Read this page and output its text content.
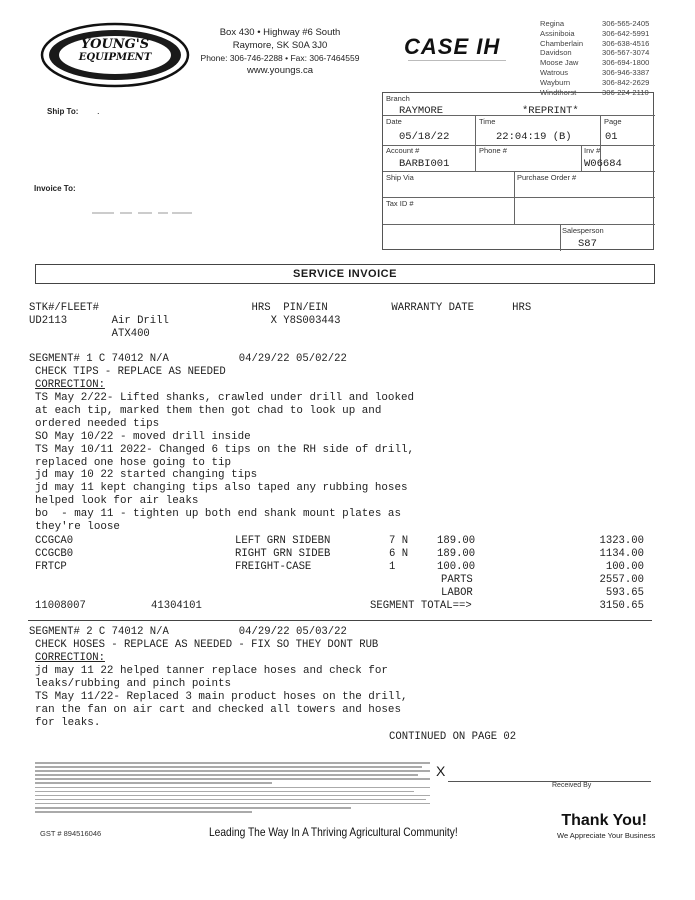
YOUNG'S
EQUIPMENT
Box 430 • Highway #6 South
Raymore, SK S0A 3J0
Phone: 306-746-2288 • Fax: 306-7464559
www.youngs.ca
CASE IH
Regina	306-565-2405
Assiniboia	306-642-5991
Chamberlain 306-638-4516
Davidson	306-567-3074
Moose Jaw	306-694-1800
Watrous	306-946-3387
Wayburn	306-842-2629
Windthorst	306-224-2110
Ship To: .
Invoice To:
Branch
RAYMORE	*REPRINT*
Date
05/18/22
Time
22:04:19 (B)
Page
01
Account #
BARBI001
Phone #	Inv #
W06684
Ship Via	Purchase Order #
Tax ID #
Salesperson
S87
SERVICE INVOICE
STK#/FLEET#                        HRS  PIN/EIN          WARRANTY DATE      HRS
UD2113       Air Drill                X Y8S003443
ATX400
SEGMENT# 1 C 74012 N/A           04/29/22 05/02/22
CHECK TIPS - REPLACE AS NEEDED
CORRECTION:
TS May 2/22- Lifted shanks, crawled under drill and looked
at each tip, marked them then got chad to look up and
ordered needed tips
SO May 10/22 - moved drill inside
TS May 10/11 2022- Changed 6 tips on the RH side of drill,
replaced one hose going to tip
jd may 10 22 started changing tips
jd may 11 kept changing tips also taped any rubbing hoses
helped look for air leaks
bo  - may 11 - tighten up both end shank mount plates as
they're loose
CCGCA0	LEFT GRN SIDEBN	7 N	189.00	1323.00
CCGCB0	RIGHT GRN SIDEB	6 N	189.00	1134.00
FRTCP	FREIGHT-CASE	1	100.00	100.00
PARTS	2557.00
LABOR	593.65
11008007	41304101	SEGMENT TOTAL==>	3150.65
SEGMENT# 2 C 74012 N/A           04/29/22 05/03/22
CHECK HOSES - REPLACE AS NEEDED - FIX SO THEY DONT RUB
CORRECTION:
jd may 11 22 helped tanner replace hoses and check for
leaks/rubbing and pinch points
TS May 11/22- Replaced 3 main product hoses on the drill,
ran the fan on air cart and checked all towers and hoses
for leaks.
CONTINUED ON PAGE 02
X
Received By
GST # 894516046	Leading The Way In A Thriving Agricultural Community!
Thank You!
We Appreciate Your Business
